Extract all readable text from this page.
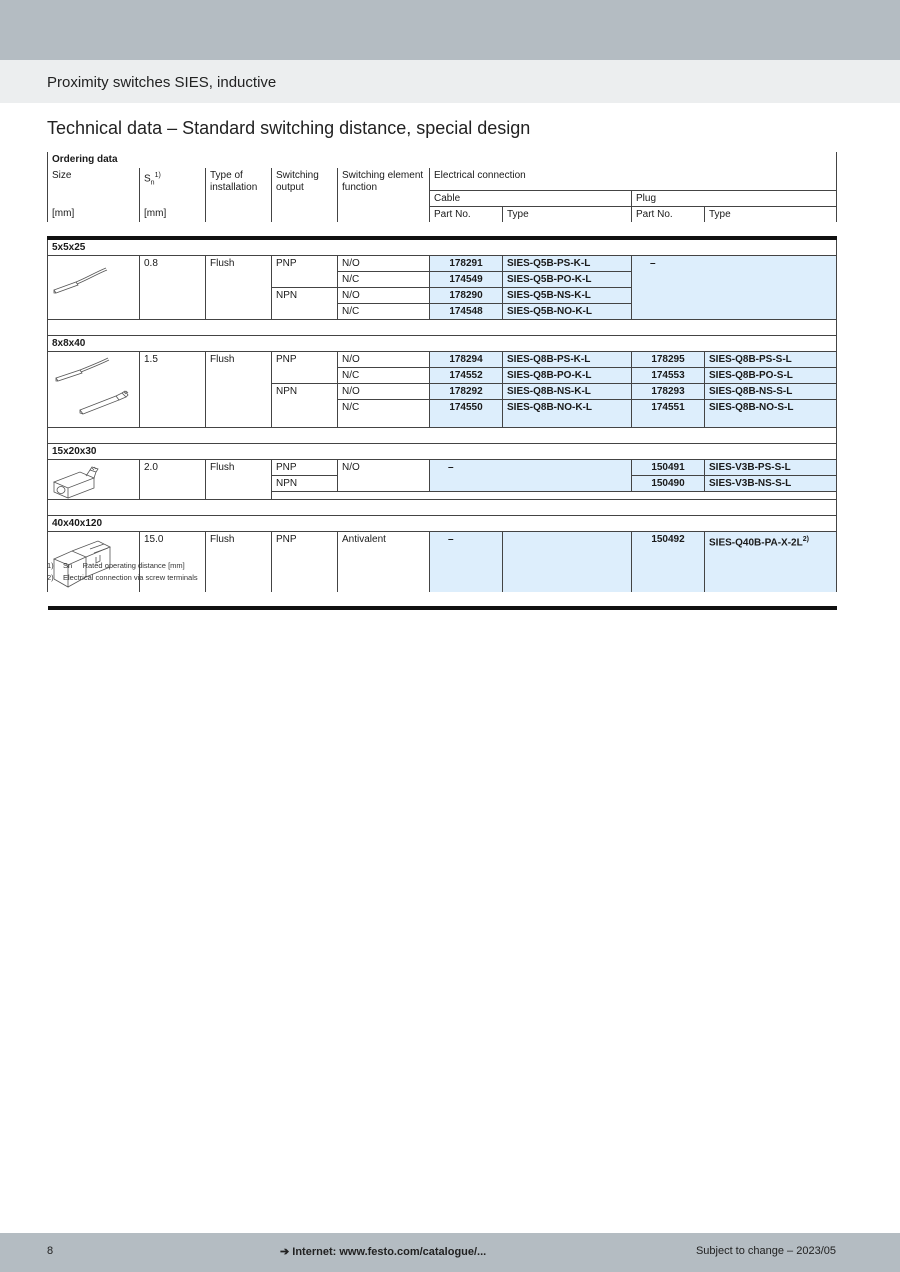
Proximity switches SIES, inductive
Technical data – Standard switching distance, special design
Ordering data								
Size	$S_n^{1)}$	Type of installation	Switching output	Switching element function	Electrical connection			
					Cable		Plug	
[mm]	[mm]				Part No.	Type	Part No.	Type

5x5x25								

	0.8	Flush	PNP	N/O	178291	SIES-Q5B-PS-K-L	–	
				N/C	174549	SIES-Q5B-PO-K-L		
			NPN	N/O	178290	SIES-Q5B-NS-K-L		
				N/C	174548	SIES-Q5B-NO-K-L		

8x8x40								

	1.5	Flush	PNP	N/O	178294	SIES-Q8B-PS-K-L	178295	SIES-Q8B-PS-S-L
				N/C	174552	SIES-Q8B-PO-K-L	174553	SIES-Q8B-PO-S-L
			NPN	N/O	178292	SIES-Q8B-NS-K-L	178293	SIES-Q8B-NS-S-L
				N/C	174550	SIES-Q8B-NO-K-L	174551	SIES-Q8B-NO-S-L

15x20x30								

	2.0	Flush	PNP	N/O	–		150491	SIES-V3B-PS-S-L
			NPN				150490	SIES-V3B-NS-S-L

40x40x120								

	15.0	Flush	PNP	Antivalent	–		150492	SIES-$Q40B-PA-X-2L^{2)}$

1) Sn     Rated operating distance [mm]
2) Electrical connection via screw terminals
8	➔ Internet: www.festo.com/catalogue/...	Subject to change – 2023/05
